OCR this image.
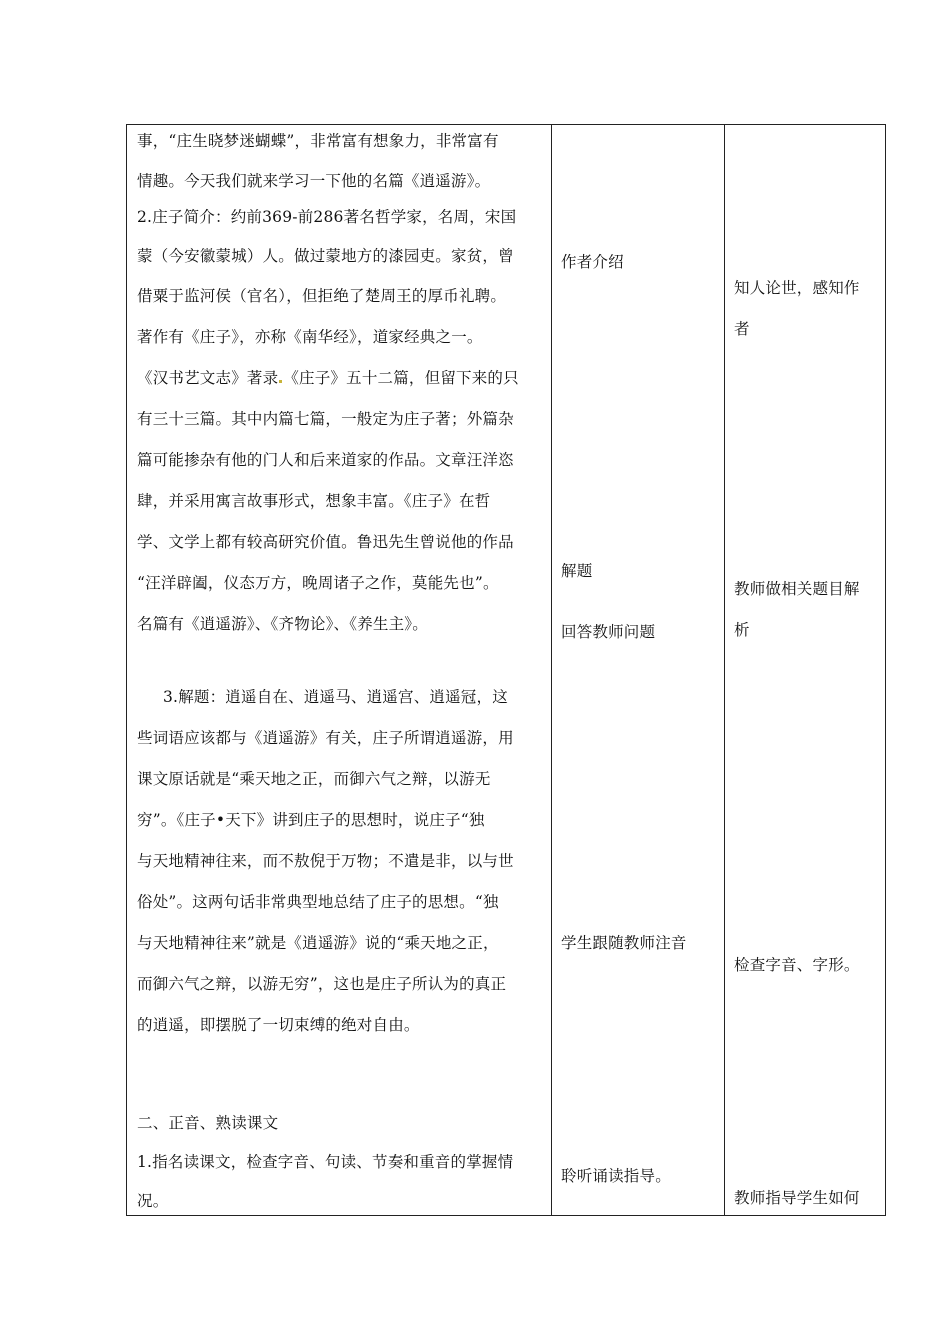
事，“庄生晓梦迷蝴蝶”，非常富有想象力，非常富有
情趣。今天我们就来学习一下他的名篇《逍遥游》。
2.庄子简介：约前369-前286著名哲学家，名周，宋国
蒙（今安徽蒙城）人。做过蒙地方的漆园吏。家贫，曾
借粟于监河侯（官名），但拒绝了楚周王的厚币礼聘。
著作有《庄子》，亦称《南华经》，道家经典之一。
《汉书艺文志》著录 《庄子》五十二篇，但留下来的只
有三十三篇。其中内篇七篇，一般定为庄子著；外篇杂
篇可能掺杂有他的门人和后来道家的作品。文章汪洋恣
肆，并采用寓言故事形式，想象丰富。《庄子》在哲
学、文学上都有较高研究价值。鲁迅先生曾说他的作品
“汪洋辟阖，仪态万方，晚周诸子之作，莫能先也”。
名篇有《逍遥游》、《齐物论》、《养生主》。
3.解题：逍遥自在、逍遥马、逍遥宫、逍遥冠，这
些词语应该都与《逍遥游》有关，庄子所谓逍遥游，用
课文原话就是“乘天地之正，而御六气之辩，以游无
穷”。《庄子•天下》讲到庄子的思想时，说庄子“独
与天地精神往来，而不敖倪于万物；不遣是非，以与世
俗处”。这两句话非常典型地总结了庄子的思想。“独
与天地精神往来”就是《逍遥游》说的“乘天地之正，
而御六气之辩，以游无穷”，这也是庄子所认为的真正
的逍遥，即摆脱了一切束缚的绝对自由。
二、正音、熟读课文
1.指名读课文，检查字音、句读、节奏和重音的掌握情
况。
作者介绍
解题
回答教师问题
学生跟随教师注音
聆听诵读指导。
知人论世，感知作
者
教师做相关题目解
析
检查字音、字形。
教师指导学生如何
